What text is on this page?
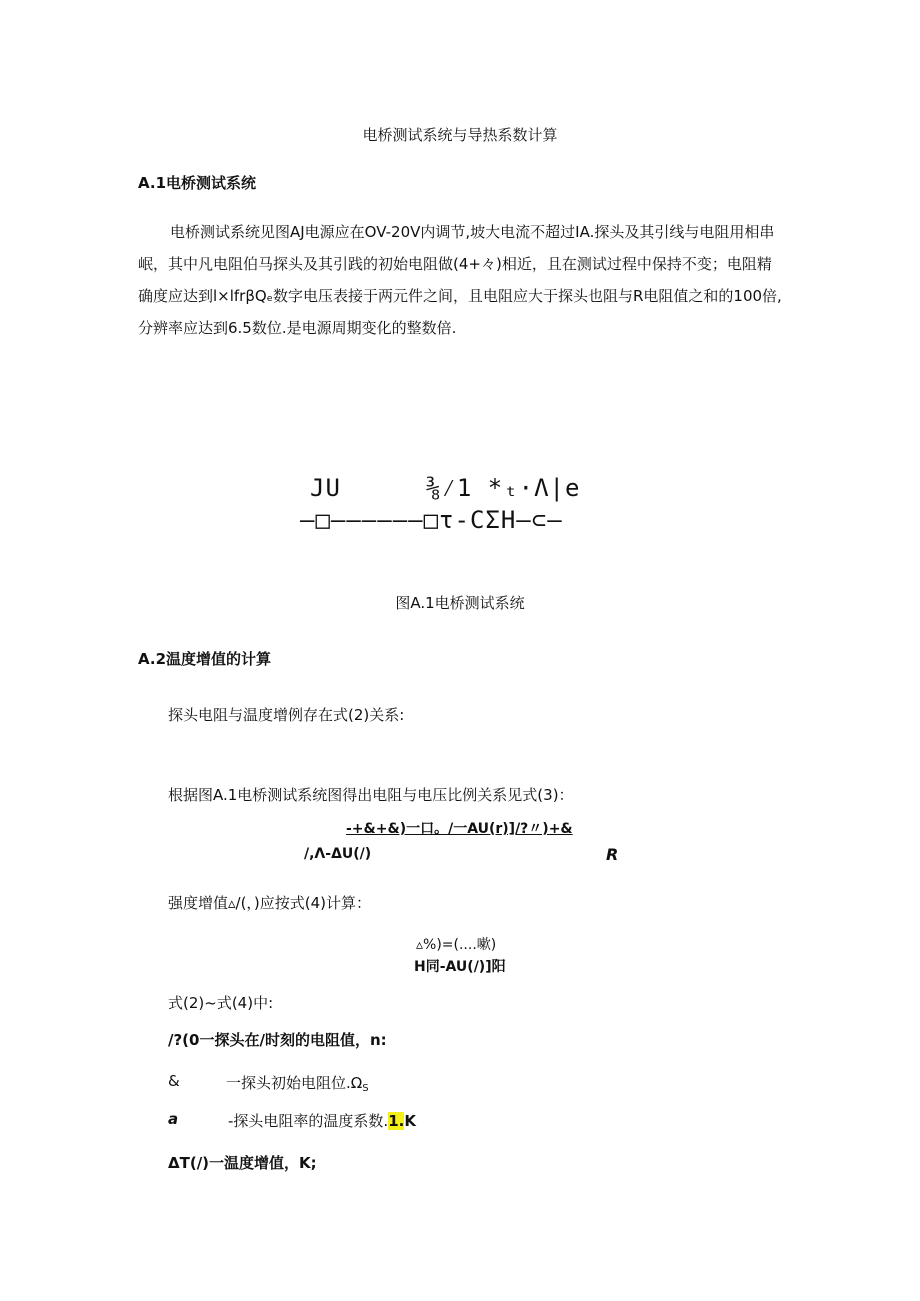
电桥测试系统与导热系数计算
A.1电桥测试系统
电桥测试系统见图AJ电源应在OV-20V内调节,坡大电流不超过IA.探头及其引线与电阻用相串
岷，其中凡电阻伯马探头及其引践的初始电阻做(4+々)相近，且在测试过程中保持不变；电阻精
确度应达到l×lfrβQₑ数字电压表接于两元件之间，且电阻应大于探头也阻与R电阻值之和的100倍,
分辨率应达到6.5数位.是电源周期变化的整数倍.
JU	⅜⁄1 *ₜ·Λ|e
—□——————□τ-CΣH—⊂—
图A.1电桥测试系统
A.2温度增值的计算
探头电阻与温度增例存在式(2)关系:
根据图A.1电桥测试系统图得出电阻与电压比例关系见式(3)：
-+&+&)一口。/一AU(r)]/?〃)+&
/,Λ-ΔU(/)	R
强度增值▵/(，)应按式(4)计算：
▵%)=(....嗽)
H同-AU(/)]阳
式(2)~式(4)中:
/?(0一探头在/时刻的电阻值，n:
&	一探头初始电阻位$.\Omega_S$
a	-探头电阻率的温度系数.1.K
ΔT(/)一温度增值，K;
